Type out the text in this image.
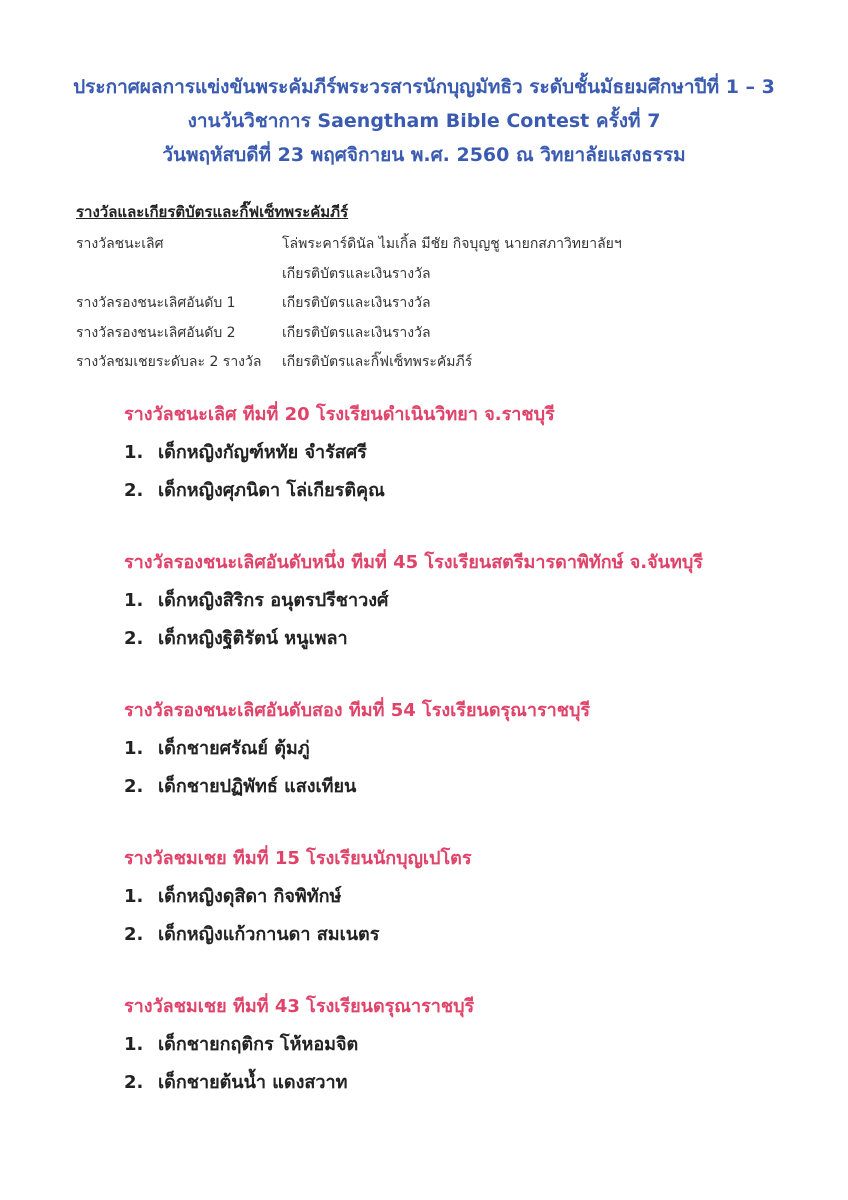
ประกาศผลการแข่งขันพระคัมภีร์พระวรสารนักบุญมัทธิว ระดับชั้นมัธยมศึกษาปีที่ 1 – 3
งานวันวิชาการ Saengtham Bible Contest ครั้งที่ 7
วันพฤหัสบดีที่ 23 พฤศจิกายน พ.ศ. 2560 ณ วิทยาลัยแสงธรรม
รางวัลและเกียรติบัตรและกิ๊ฟเซ็ทพระคัมภีร์
รางวัลชนะเลิศ	โล่พระคาร์ดินัล ไมเกิ้ล มีชัย กิจบุญชู นายกสภาวิทยาลัยฯ
เกียรติบัตรและเงินรางวัล
รางวัลรองชนะเลิศอันดับ 1	เกียรติบัตรและเงินรางวัล
รางวัลรองชนะเลิศอันดับ 2	เกียรติบัตรและเงินรางวัล
รางวัลชมเชยระดับละ 2 รางวัล	เกียรติบัตรและกิ๊ฟเซ็ทพระคัมภีร์
รางวัลชนะเลิศ ทีมที่ 20 โรงเรียนดำเนินวิทยา จ.ราชบุรี
1. เด็กหญิงกัญฑ์หทัย จำรัสศรี
2. เด็กหญิงศุภนิดา โล่เกียรติคุณ
รางวัลรองชนะเลิศอันดับหนึ่ง ทีมที่ 45 โรงเรียนสตรีมารดาพิทักษ์ จ.จันทบุรี
1. เด็กหญิงสิริกร อนุตรปรีชาวงศ์
2. เด็กหญิงฐิติรัตน์ หนูเพลา
รางวัลรองชนะเลิศอันดับสอง ทีมที่ 54 โรงเรียนดรุณาราชบุรี
1. เด็กชายศรัณย์ ตุ้มภู่
2. เด็กชายปฏิพัทธ์ แสงเทียน
รางวัลชมเชย ทีมที่ 15 โรงเรียนนักบุญเปโตร
1. เด็กหญิงดุสิดา กิจพิทักษ์
2. เด็กหญิงแก้วกานดา สมเนตร
รางวัลชมเชย ทีมที่ 43 โรงเรียนดรุณาราชบุรี
1. เด็กชายกฤติกร โห้หอมจิต
2. เด็กชายต้นน้ำ แดงสวาท
